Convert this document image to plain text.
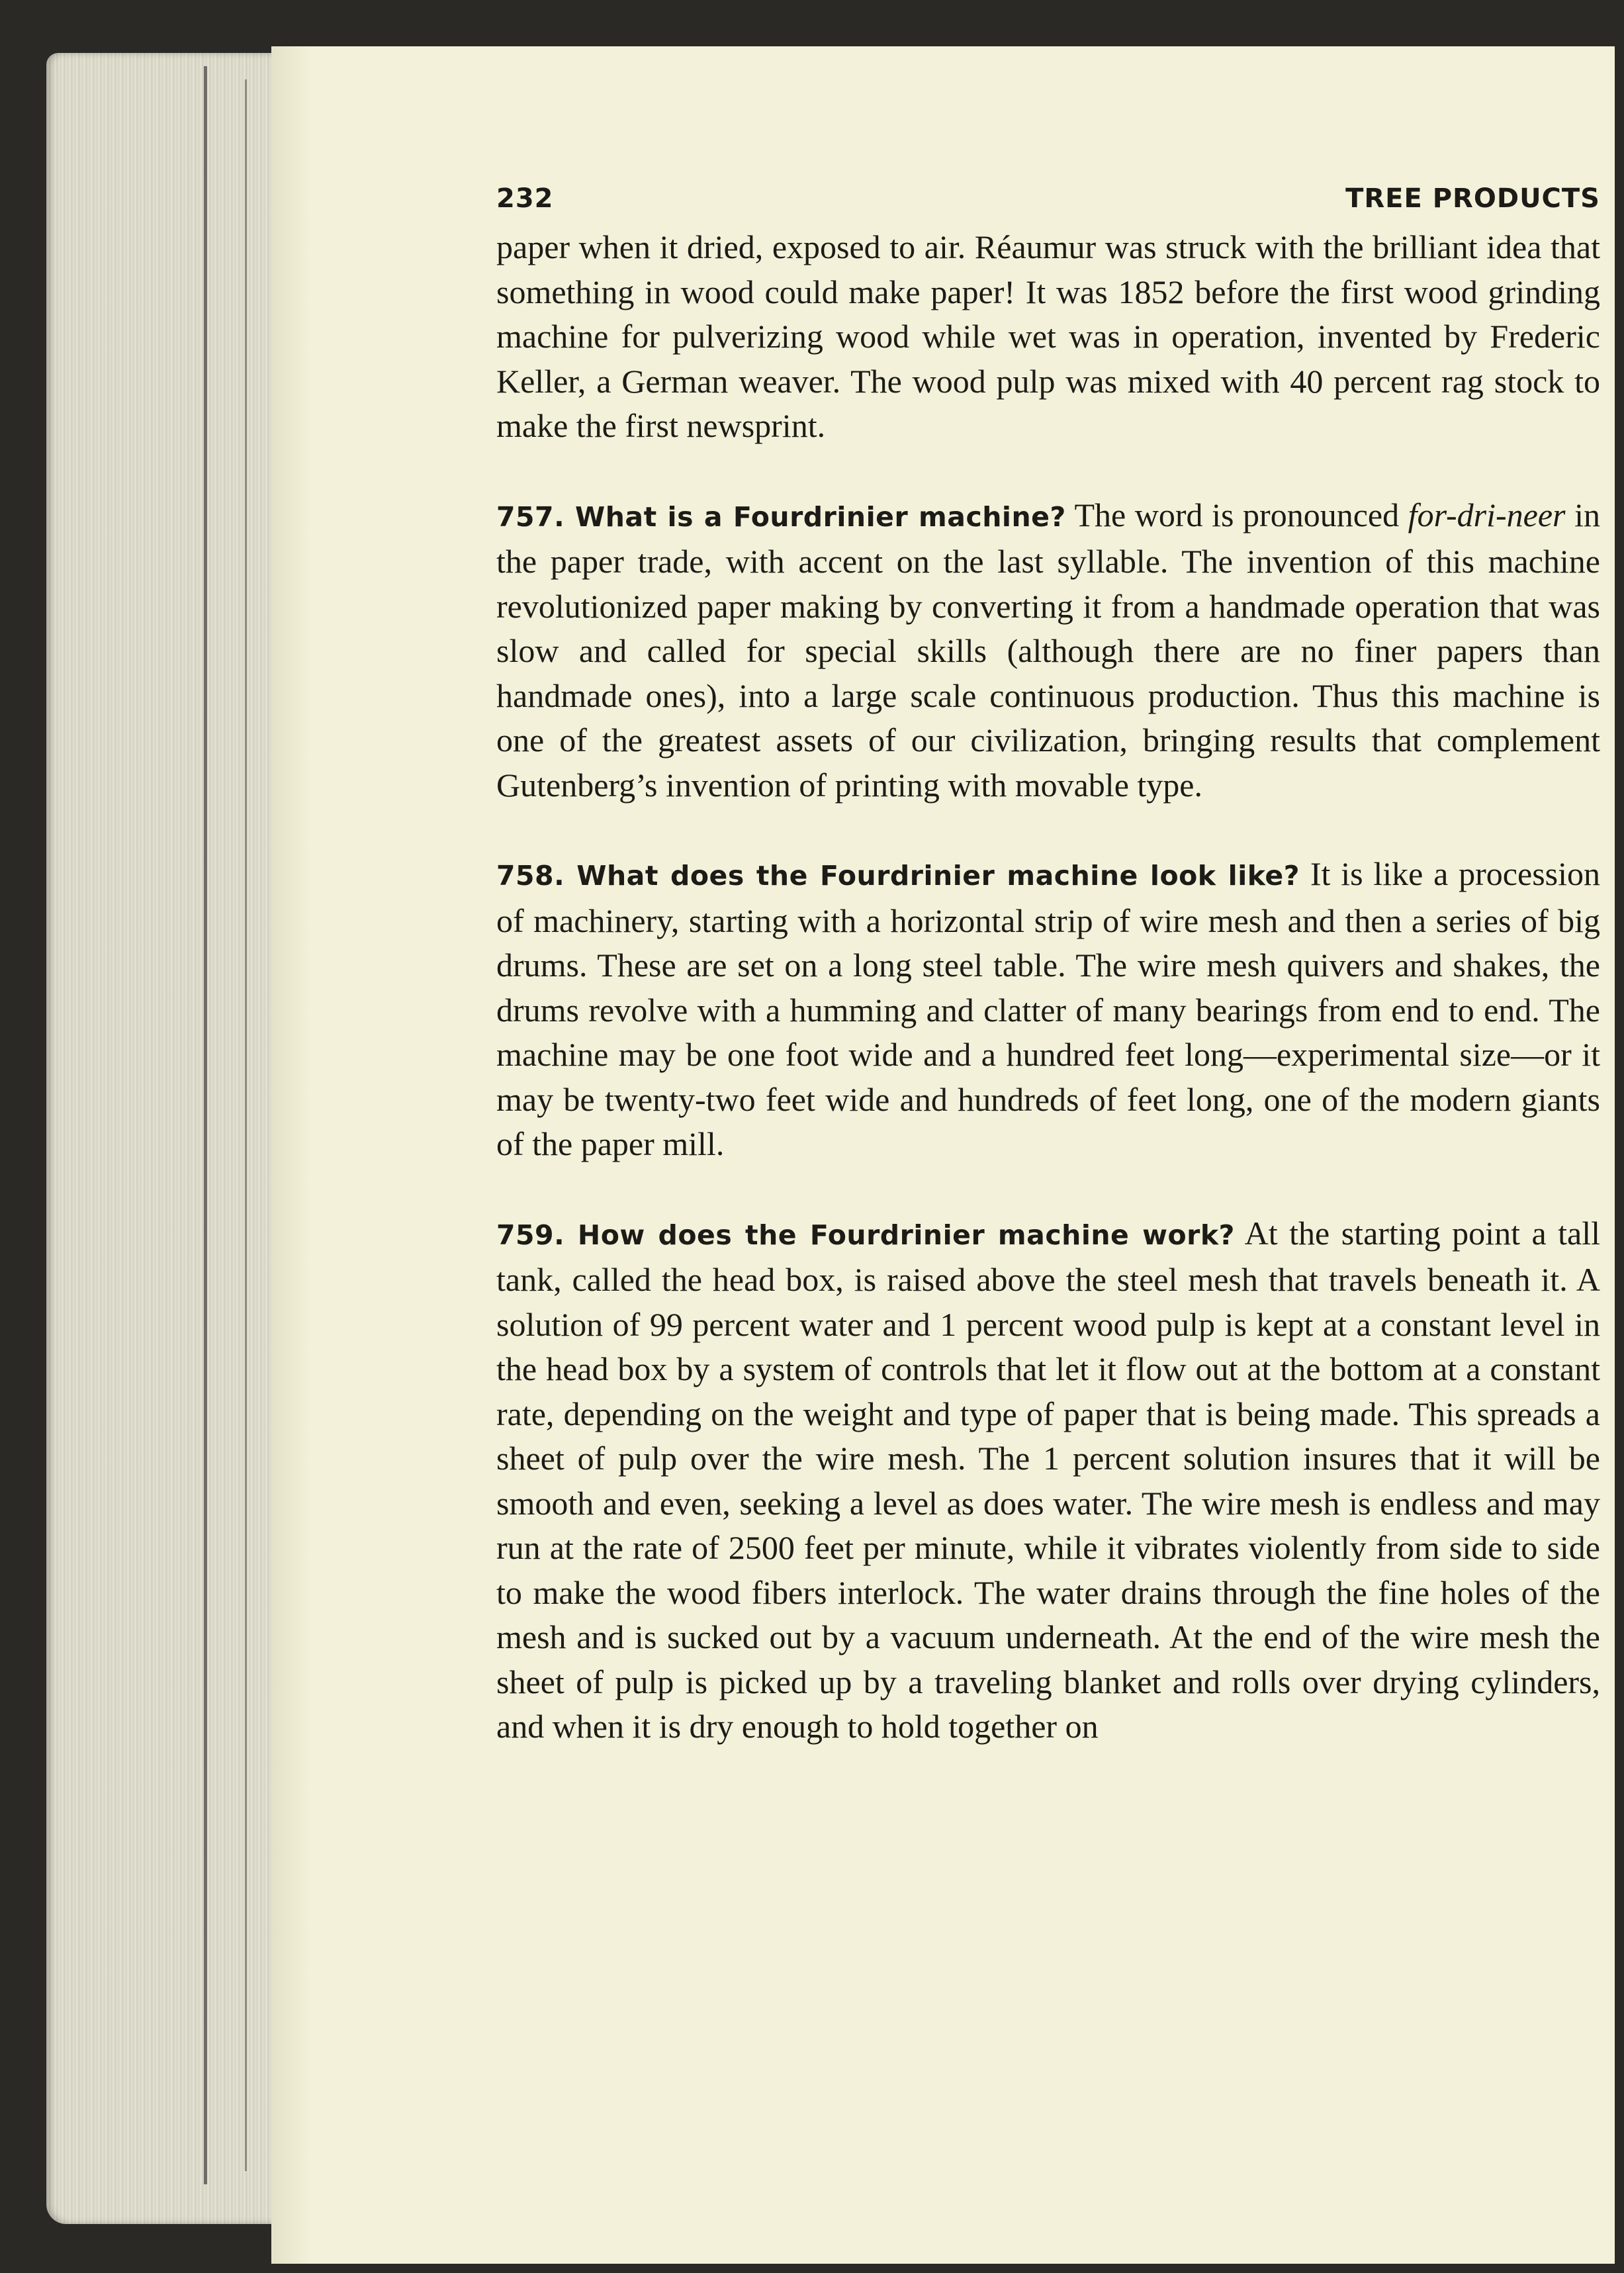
232	TREE PRODUCTS

paper when it dried, exposed to air. Réaumur was struck with the brilliant idea that something in wood could make paper! It was 1852 before the first wood grinding machine for pulverizing wood while wet was in operation, invented by Frederic Keller, a German weaver. The wood pulp was mixed with 40 percent rag stock to make the first newsprint.

757. What is a Fourdrinier machine? The word is pronounced for-dri-neer in the paper trade, with accent on the last syllable. The invention of this machine revolutionized paper making by converting it from a handmade operation that was slow and called for special skills (although there are no finer papers than handmade ones), into a large scale continuous production. Thus this machine is one of the greatest assets of our civilization, bringing results that complement Gutenberg’s invention of printing with movable type.

758. What does the Fourdrinier machine look like? It is like a procession of machinery, starting with a horizontal strip of wire mesh and then a series of big drums. These are set on a long steel table. The wire mesh quivers and shakes, the drums revolve with a humming and clatter of many bearings from end to end. The machine may be one foot wide and a hundred feet long—experimental size—or it may be twenty-two feet wide and hundreds of feet long, one of the modern giants of the paper mill.

759. How does the Fourdrinier machine work? At the starting point a tall tank, called the head box, is raised above the steel mesh that travels beneath it. A solution of 99 percent water and 1 percent wood pulp is kept at a constant level in the head box by a system of controls that let it flow out at the bottom at a constant rate, depending on the weight and type of paper that is being made. This spreads a sheet of pulp over the wire mesh. The 1 percent solution insures that it will be smooth and even, seeking a level as does water. The wire mesh is endless and may run at the rate of 2500 feet per minute, while it vibrates violently from side to side to make the wood fibers interlock. The water drains through the fine holes of the mesh and is sucked out by a vacuum underneath. At the end of the wire mesh the sheet of pulp is picked up by a traveling blanket and rolls over drying cylinders, and when it is dry enough to hold together on
